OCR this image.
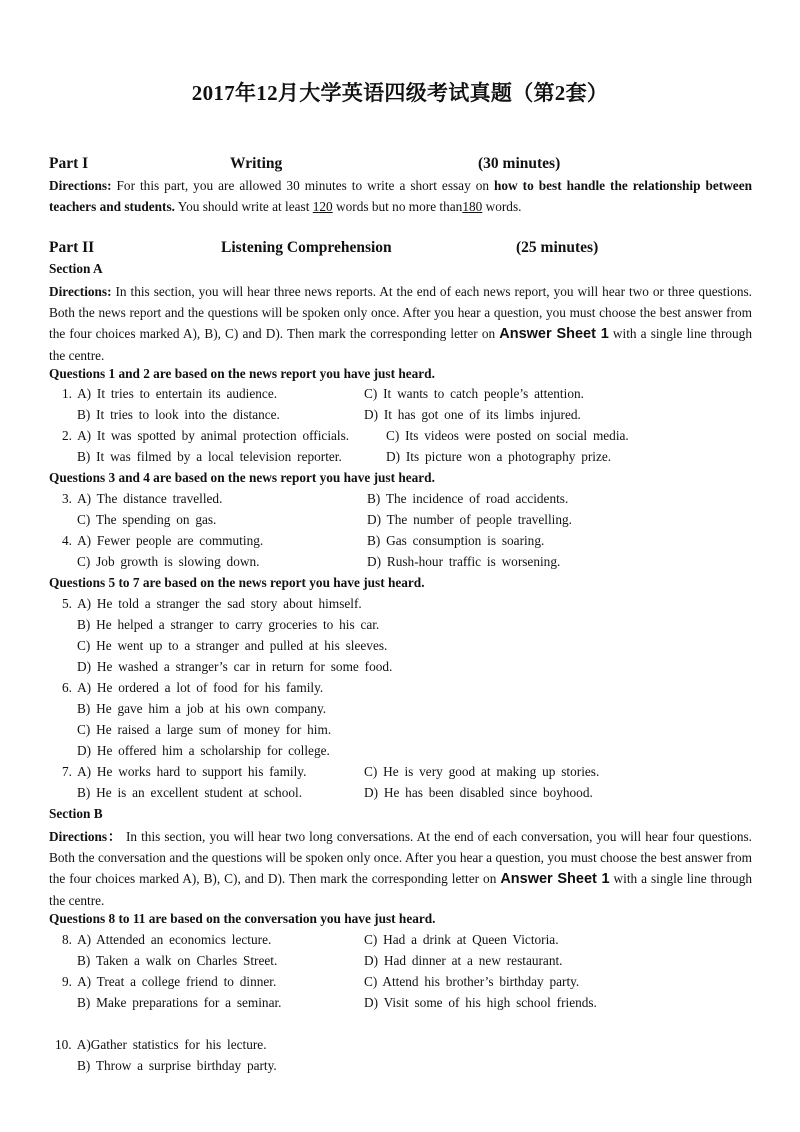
2017年12月大学英语四级考试真题（第2套）
Part I	Writing	(30 minutes)
Directions: For this part, you are allowed 30 minutes to write a short essay on how to best handle the relationship between teachers and students. You should write at least 120 words but no more than180 words.
Part II	Listening Comprehension	(25 minutes)
Section A
Directions: In this section, you will hear three news reports. At the end of each news report, you will hear two or three questions. Both the news report and the questions will be spoken only once. After you hear a question, you must choose the best answer from the four choices marked A), B), C) and D). Then mark the corresponding letter on Answer Sheet 1 with a single line through the centre.
Questions 1 and 2 are based on the news report you have just heard.
1. A) It tries to entertain its audience.	C) It wants to catch people’s attention.
B) It tries to look into the distance.	D) It has got one of its limbs injured.
2. A) It was spotted by animal protection officials.	C) Its videos were posted on social media.
B) It was filmed by a local television reporter.	D) Its picture won a photography prize.
Questions 3 and 4 are based on the news report you have just heard.
3. A) The distance travelled.	B) The incidence of road accidents.
C) The spending on gas.	D) The number of people travelling.
4. A) Fewer people are commuting.	B) Gas consumption is soaring.
C) Job growth is slowing down.	D) Rush-hour traffic is worsening.
Questions 5 to 7 are based on the news report you have just heard.
5. A) He told a stranger the sad story about himself.
B) He helped a stranger to carry groceries to his car.
C) He went up to a stranger and pulled at his sleeves.
D) He washed a stranger’s car in return for some food.
6. A) He ordered a lot of food for his family.
B) He gave him a job at his own company.
C) He raised a large sum of money for him.
D) He offered him a scholarship for college.
7. A) He works hard to support his family.	C) He is very good at making up stories.
B) He is an excellent student at school.	D) He has been disabled since boyhood.
Section B
Directions： In this section, you will hear two long conversations. At the end of each conversation, you will hear four questions. Both the conversation and the questions will be spoken only once. After you hear a question, you must choose the best answer from the four choices marked A), B), C), and D). Then mark the corresponding letter on Answer Sheet 1 with a single line through the centre.
Questions 8 to 11 are based on the conversation you have just heard.
8. A) Attended an economics lecture.	C) Had a drink at Queen Victoria.
B) Taken a walk on Charles Street.	D) Had dinner at a new restaurant.
9. A) Treat a college friend to dinner.	C) Attend his brother’s birthday party.
B) Make preparations for a seminar.	D) Visit some of his high school friends.
10. A)Gather statistics for his lecture.
B) Throw a surprise birthday party.
